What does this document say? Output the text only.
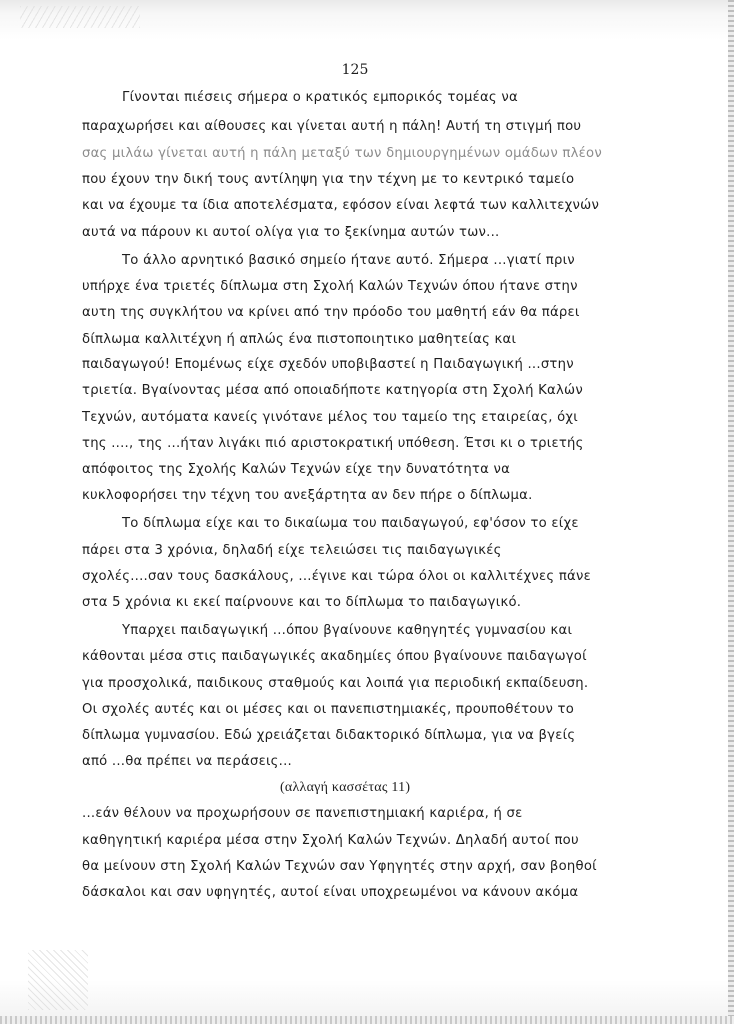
125
Γίνονται πιέσεις σήμερα ο κρατικός εμπορικός τομέας να
παραχωρήσει και αίθουσες και γίνεται αυτή η πάλη! Αυτή τη στιγμή που
σας μιλάω γίνεται αυτή η πάλη μεταξύ των δημιουργημένων ομάδων πλέον
που έχουν την δική τους αντίληψη για την τέχνη με το κεντρικό ταμείο
και να έχουμε τα ίδια αποτελέσματα, εφόσον είναι λεφτά των καλλιτεχνών
αυτά να πάρουν κι αυτοί ολίγα για το ξεκίνημα αυτών των...
Το άλλο αρνητικό βασικό σημείο ήτανε αυτό. Σήμερα ...γιατί πριν
υπήρχε ένα τριετές δίπλωμα στη Σχολή Καλών Τεχνών όπου ήτανε στην
αυτη της συγκλήτου να κρίνει από την πρόοδο του μαθητή εάν θα πάρει
δίπλωμα καλλιτέχνη ή απλώς ένα πιστοποιητικο μαθητείας και
παιδαγωγού! Επομένως είχε σχεδόν υποβιβαστεί η Παιδαγωγική ...στην
τριετία. Βγαίνοντας μέσα από οποιαδήποτε κατηγορία στη Σχολή Καλών
Τεχνών, αυτόματα κανείς γινότανε μέλος του ταμείο της εταιρείας, όχι
της ...., της ...ήταν λιγάκι πιό αριστοκρατική υπόθεση. Έτσι κι ο τριετής
απόφοιτος της Σχολής Καλών Τεχνών είχε την δυνατότητα να
κυκλοφορήσει την τέχνη του ανεξάρτητα αν δεν πήρε ο δίπλωμα.
Το δίπλωμα είχε και το δικαίωμα του παιδαγωγού, εφ'όσον το είχε
πάρει στα 3 χρόνια, δηλαδή είχε τελειώσει τις παιδαγωγικές
σχολές....σαν τους δασκάλους, ...έγινε και τώρα όλοι οι καλλιτέχνες πάνε
στα 5 χρόνια κι εκεί παίρνουνε και το δίπλωμα το παιδαγωγικό.
Υπαρχει παιδαγωγική ...όπου βγαίνουνε καθηγητές γυμνασίου και
κάθονται μέσα στις παιδαγωγικές ακαδημίες όπου βγαίνουνε παιδαγωγοί
για προσχολικά, παιδικους σταθμούς και λοιπά για περιοδική εκπαίδευση.
Οι σχολές αυτές και οι μέσες και οι πανεπιστημιακές, προυποθέτουν το
δίπλωμα γυμνασίου. Εδώ χρειάζεται διδακτορικό δίπλωμα, για να βγείς
από ...θα πρέπει να περάσεις...
(αλλαγή κασσέτας 11)
...εάν θέλουν να προχωρήσουν σε πανεπιστημιακή καριέρα, ή σε
καθηγητική καριέρα μέσα στην Σχολή Καλών Τεχνών. Δηλαδή αυτοί που
θα μείνουν στη Σχολή Καλών Τεχνών σαν Υφηγητές στην αρχή, σαν βοηθοί
δάσκαλοι και σαν υφηγητές, αυτοί είναι υποχρεωμένοι να κάνουν ακόμα
